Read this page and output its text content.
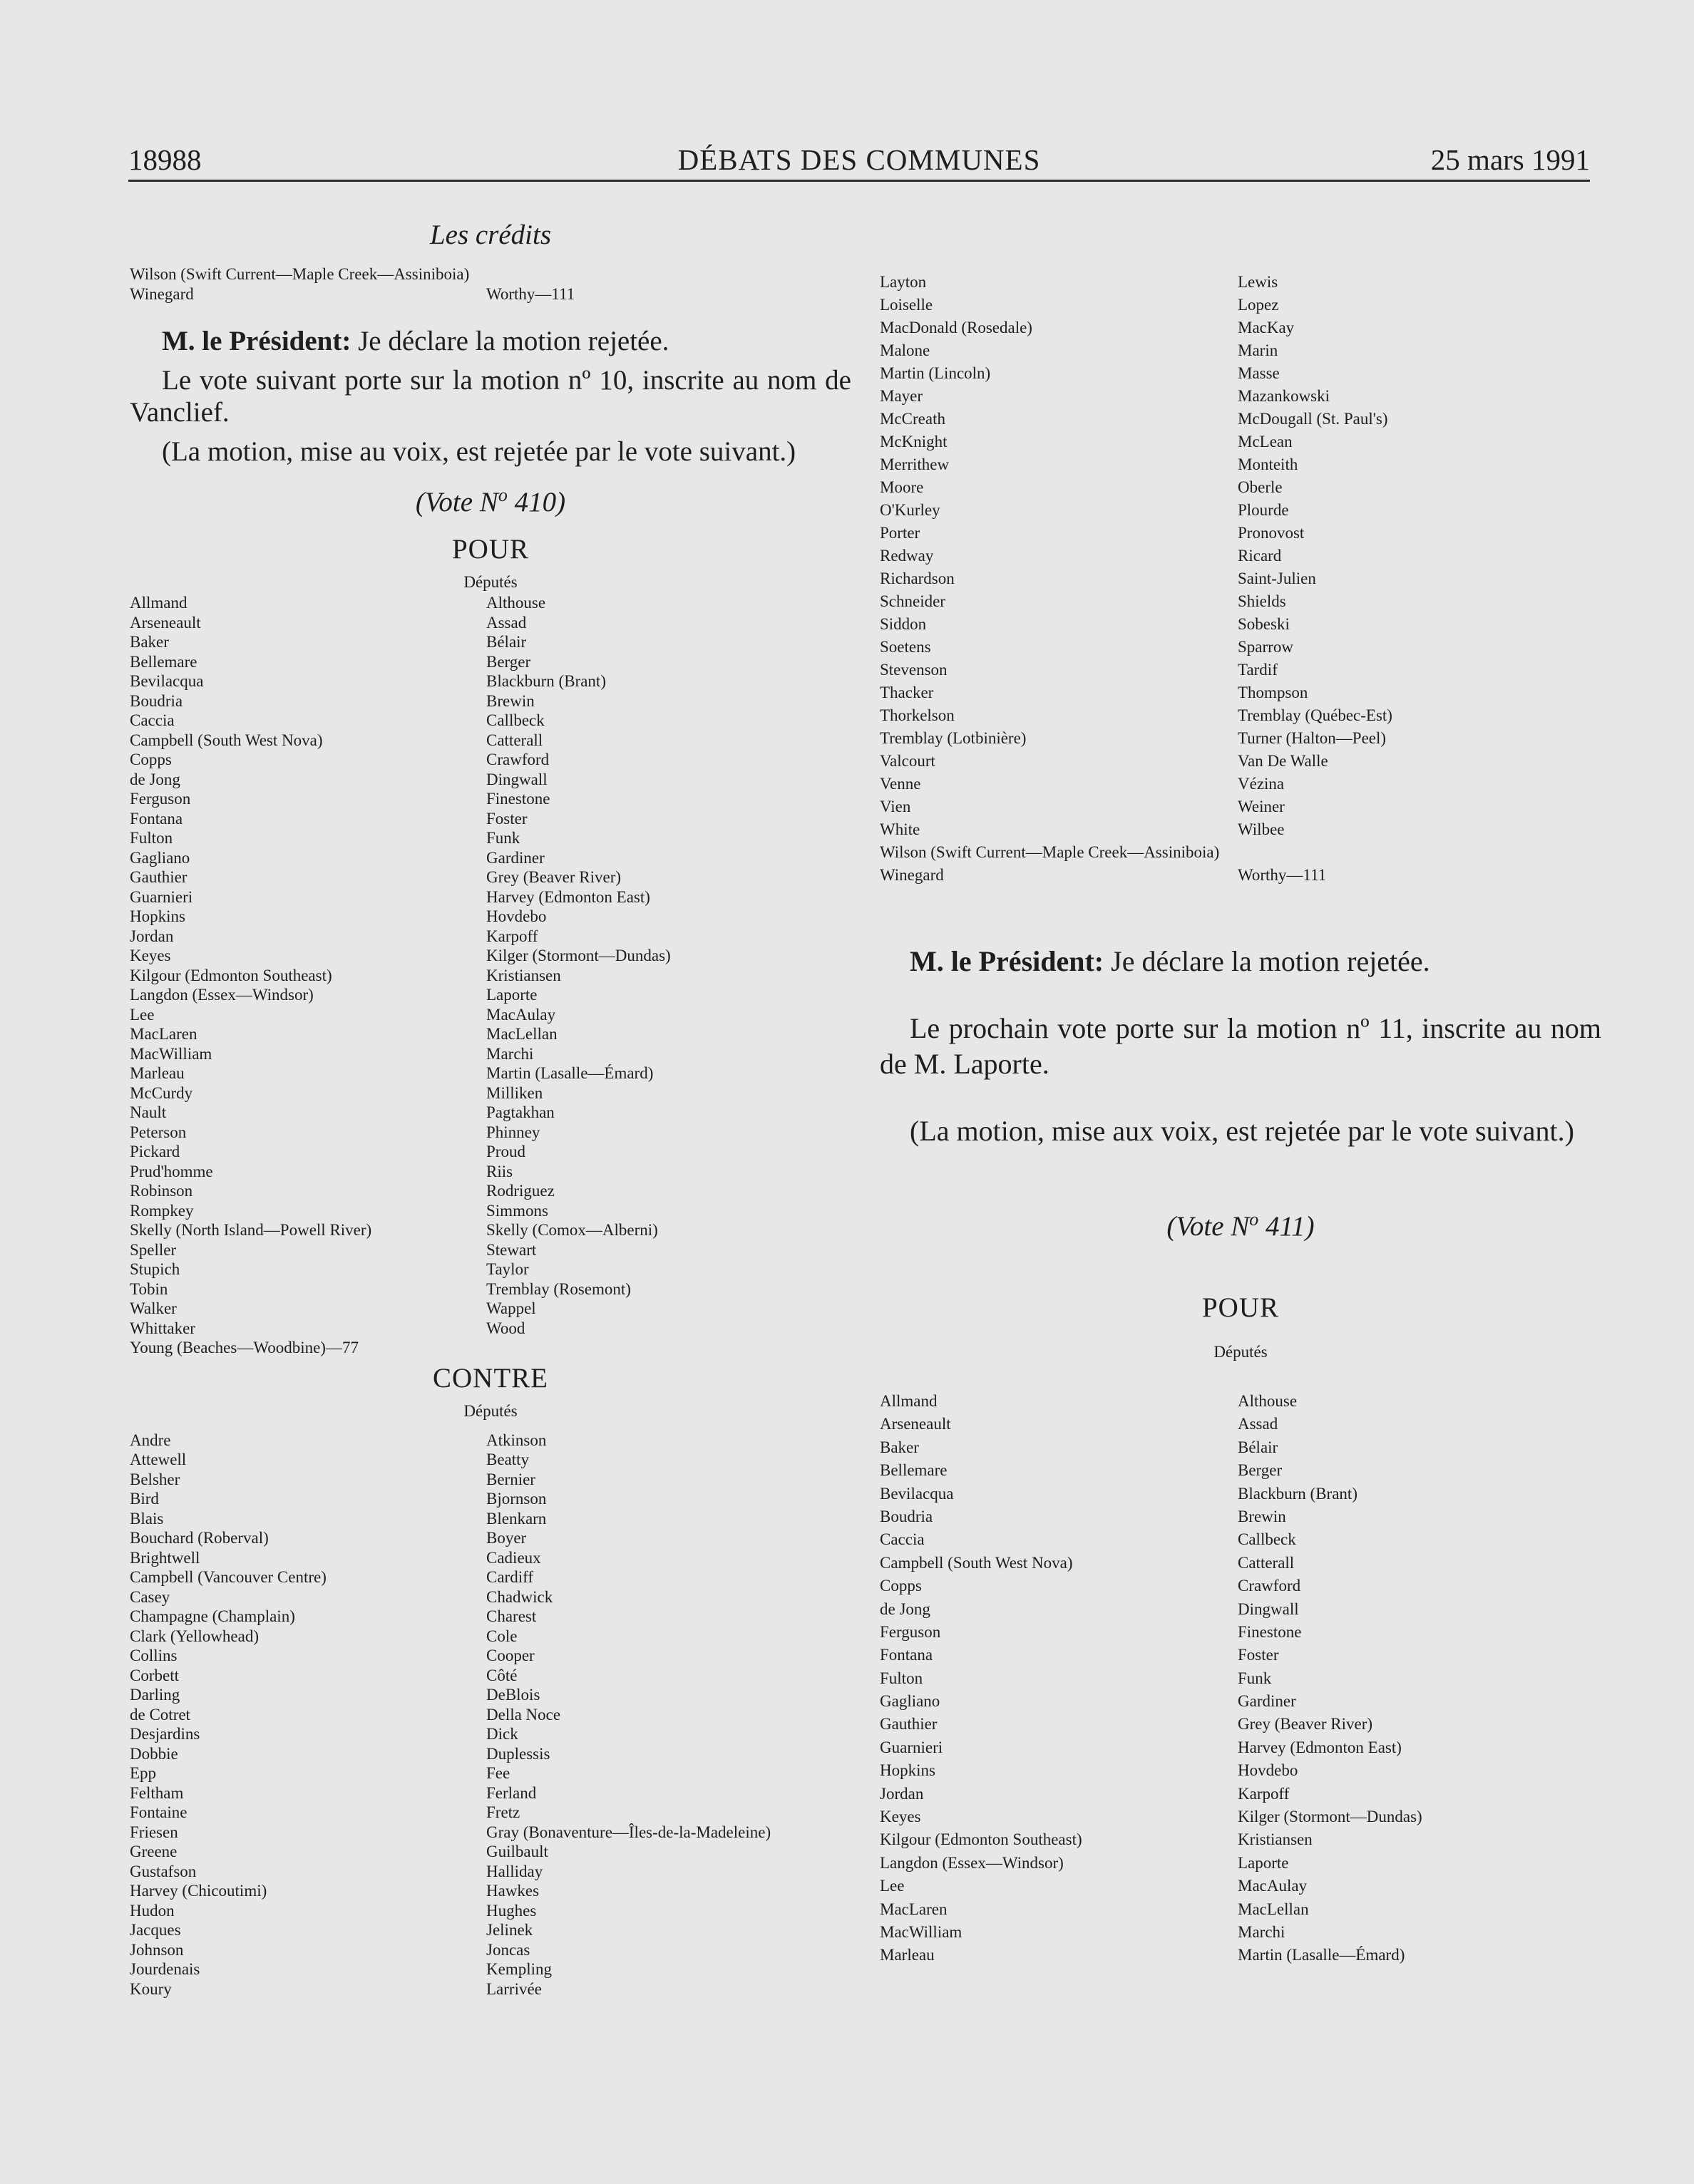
18988	DÉBATS DES COMMUNES	25 mars 1991
Les crédits
Wilson (Swift Current—Maple Creek—Assiniboia)
Winegard	Worthy—111
M. le Président: Je déclare la motion rejetée.
Le vote suivant porte sur la motion nº 10, inscrite au nom de Vanclief.
(La motion, mise au voix, est rejetée par le vote suivant.)
(Vote $N^o$ 410)
POUR
Députés
Allmand	Althouse
Arseneault	Assad
Baker	Bélair
Bellemare	Berger
Bevilacqua	Blackburn (Brant)
Boudria	Brewin
Caccia	Callbeck
Campbell (South West Nova)	Catterall
Copps	Crawford
de Jong	Dingwall
Ferguson	Finestone
Fontana	Foster
Fulton	Funk
Gagliano	Gardiner
Gauthier	Grey (Beaver River)
Guarnieri	Harvey (Edmonton East)
Hopkins	Hovdebo
Jordan	Karpoff
Keyes	Kilger (Stormont—Dundas)
Kilgour (Edmonton Southeast)	Kristiansen
Langdon (Essex—Windsor)	Laporte
Lee	MacAulay
MacLaren	MacLellan
MacWilliam	Marchi
Marleau	Martin (Lasalle—Émard)
McCurdy	Milliken
Nault	Pagtakhan
Peterson	Phinney
Pickard	Proud
Prud'homme	Riis
Robinson	Rodriguez
Rompkey	Simmons
Skelly (North Island—Powell River)	Skelly (Comox—Alberni)
Speller	Stewart
Stupich	Taylor
Tobin	Tremblay (Rosemont)
Walker	Wappel
Whittaker	Wood
Young (Beaches—Woodbine)—77
CONTRE
Députés
Andre	Atkinson
Attewell	Beatty
Belsher	Bernier
Bird	Bjornson
Blais	Blenkarn
Bouchard (Roberval)	Boyer
Brightwell	Cadieux
Campbell (Vancouver Centre)	Cardiff
Casey	Chadwick
Champagne (Champlain)	Charest
Clark (Yellowhead)	Cole
Collins	Cooper
Corbett	Côté
Darling	DeBlois
de Cotret	Della Noce
Desjardins	Dick
Dobbie	Duplessis
Epp	Fee
Feltham	Ferland
Fontaine	Fretz
Friesen	Gray (Bonaventure—Îles-de-la-Madeleine)
Greene	Guilbault
Gustafson	Halliday
Harvey (Chicoutimi)	Hawkes
Hudon	Hughes
Jacques	Jelinek
Johnson	Joncas
Jourdenais	Kempling
Koury	Larrivée
Layton	Lewis
Loiselle	Lopez
MacDonald (Rosedale)	MacKay
Malone	Marin
Martin (Lincoln)	Masse
Mayer	Mazankowski
McCreath	McDougall (St. Paul's)
McKnight	McLean
Merrithew	Monteith
Moore	Oberle
O'Kurley	Plourde
Porter	Pronovost
Redway	Ricard
Richardson	Saint-Julien
Schneider	Shields
Siddon	Sobeski
Soetens	Sparrow
Stevenson	Tardif
Thacker	Thompson
Thorkelson	Tremblay (Québec-Est)
Tremblay (Lotbinière)	Turner (Halton—Peel)
Valcourt	Van De Walle
Venne	Vézina
Vien	Weiner
White	Wilbee
Wilson (Swift Current—Maple Creek—Assiniboia)
Winegard	Worthy—111
M. le Président: Je déclare la motion rejetée.
Le prochain vote porte sur la motion nº 11, inscrite au nom de M. Laporte.
(La motion, mise aux voix, est rejetée par le vote suivant.)
(Vote $N^o$ 411)
POUR
Députés
Allmand	Althouse
Arseneault	Assad
Baker	Bélair
Bellemare	Berger
Bevilacqua	Blackburn (Brant)
Boudria	Brewin
Caccia	Callbeck
Campbell (South West Nova)	Catterall
Copps	Crawford
de Jong	Dingwall
Ferguson	Finestone
Fontana	Foster
Fulton	Funk
Gagliano	Gardiner
Gauthier	Grey (Beaver River)
Guarnieri	Harvey (Edmonton East)
Hopkins	Hovdebo
Jordan	Karpoff
Keyes	Kilger (Stormont—Dundas)
Kilgour (Edmonton Southeast)	Kristiansen
Langdon (Essex—Windsor)	Laporte
Lee	MacAulay
MacLaren	MacLellan
MacWilliam	Marchi
Marleau	Martin (Lasalle—Émard)
